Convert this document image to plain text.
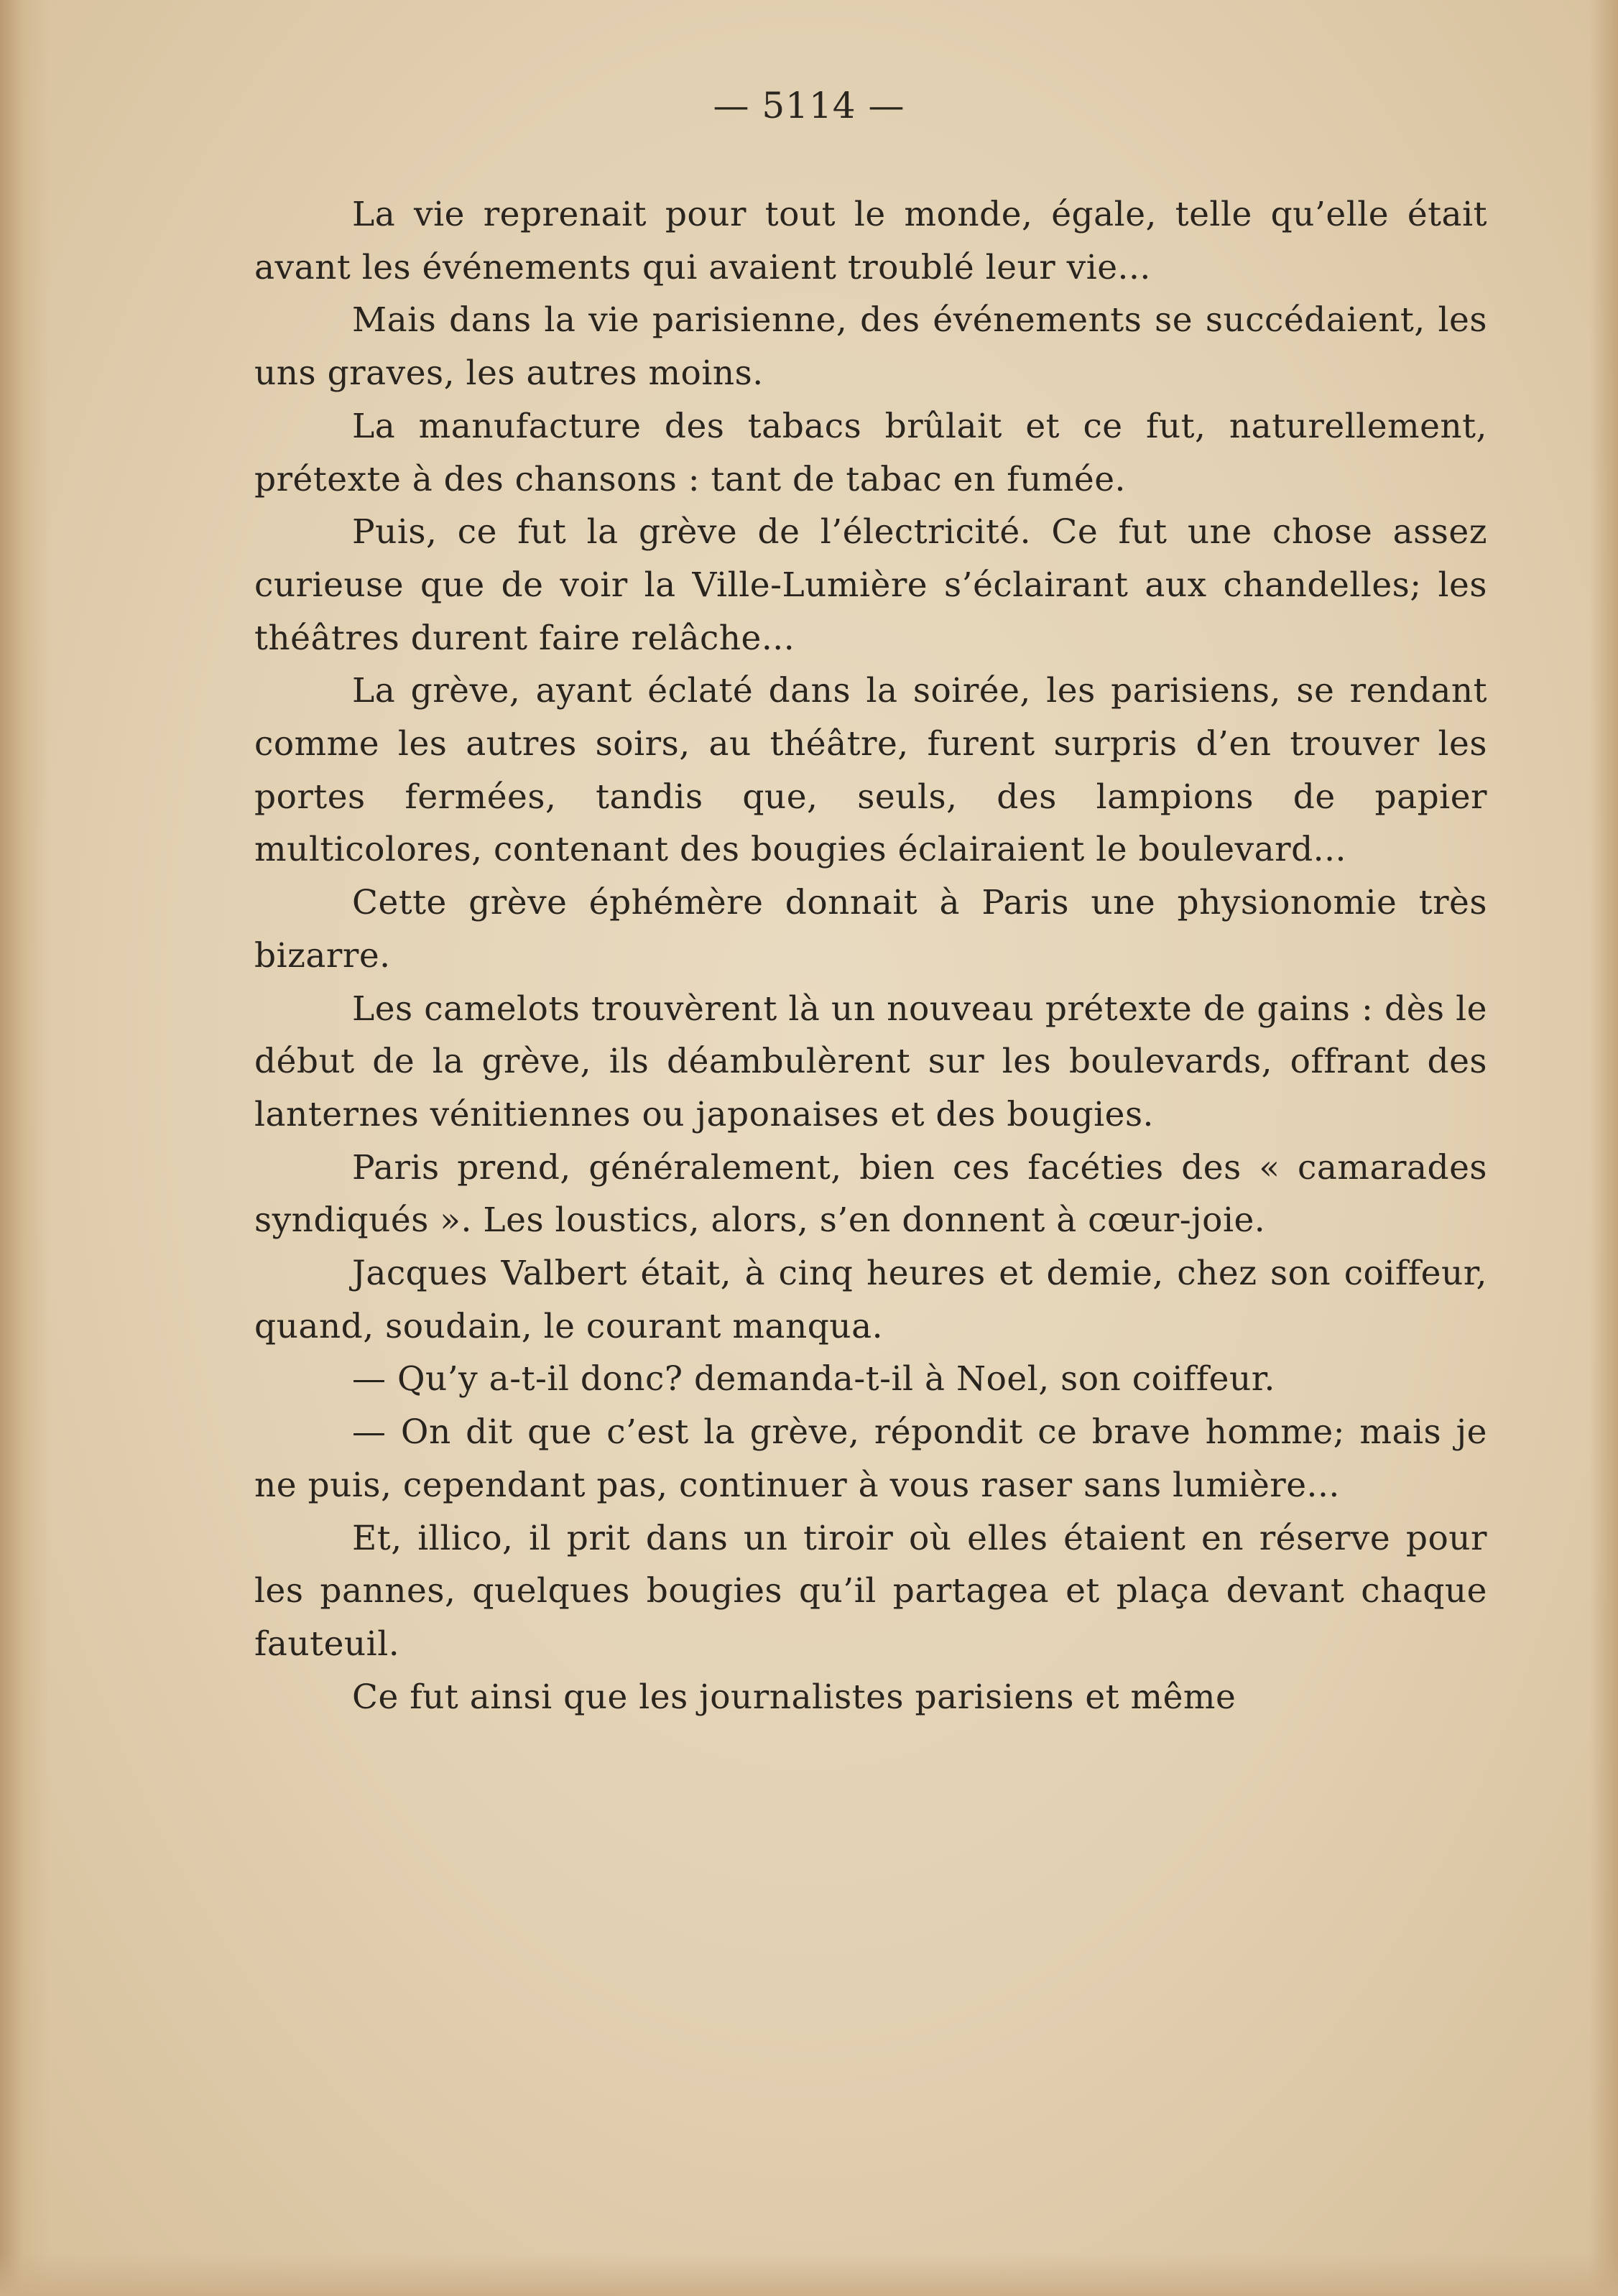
— 5114 —

La vie reprenait pour tout le monde, égale, telle qu’elle était avant les événements qui avaient troublé leur vie...

Mais dans la vie parisienne, des événements se succédaient, les uns graves, les autres moins.

La manufacture des tabacs brûlait et ce fut, naturellement, prétexte à des chansons : tant de tabac en fumée.

Puis, ce fut la grève de l’électricité. Ce fut une chose assez curieuse que de voir la Ville-Lumière s’éclairant aux chandelles; les théâtres durent faire relâche...

La grève, ayant éclaté dans la soirée, les parisiens, se rendant comme les autres soirs, au théâtre, furent surpris d’en trouver les portes fermées, tandis que, seuls, des lampions de papier multicolores, contenant des bougies éclairaient le boulevard...

Cette grève éphémère donnait à Paris une physionomie très bizarre.

Les camelots trouvèrent là un nouveau prétexte de gains : dès le début de la grève, ils déambulèrent sur les boulevards, offrant des lanternes vénitiennes ou japonaises et des bougies.

Paris prend, généralement, bien ces facéties des « camarades syndiqués ». Les loustics, alors, s’en donnent à cœur-joie.

Jacques Valbert était, à cinq heures et demie, chez son coiffeur, quand, soudain, le courant manqua.

— Qu’y a-t-il donc? demanda-t-il à Noel, son coiffeur.

— On dit que c’est la grève, répondit ce brave homme; mais je ne puis, cependant pas, continuer à vous raser sans lumière...

Et, illico, il prit dans un tiroir où elles étaient en réserve pour les pannes, quelques bougies qu’il partagea et plaça devant chaque fauteuil.

Ce fut ainsi que les journalistes parisiens et même
